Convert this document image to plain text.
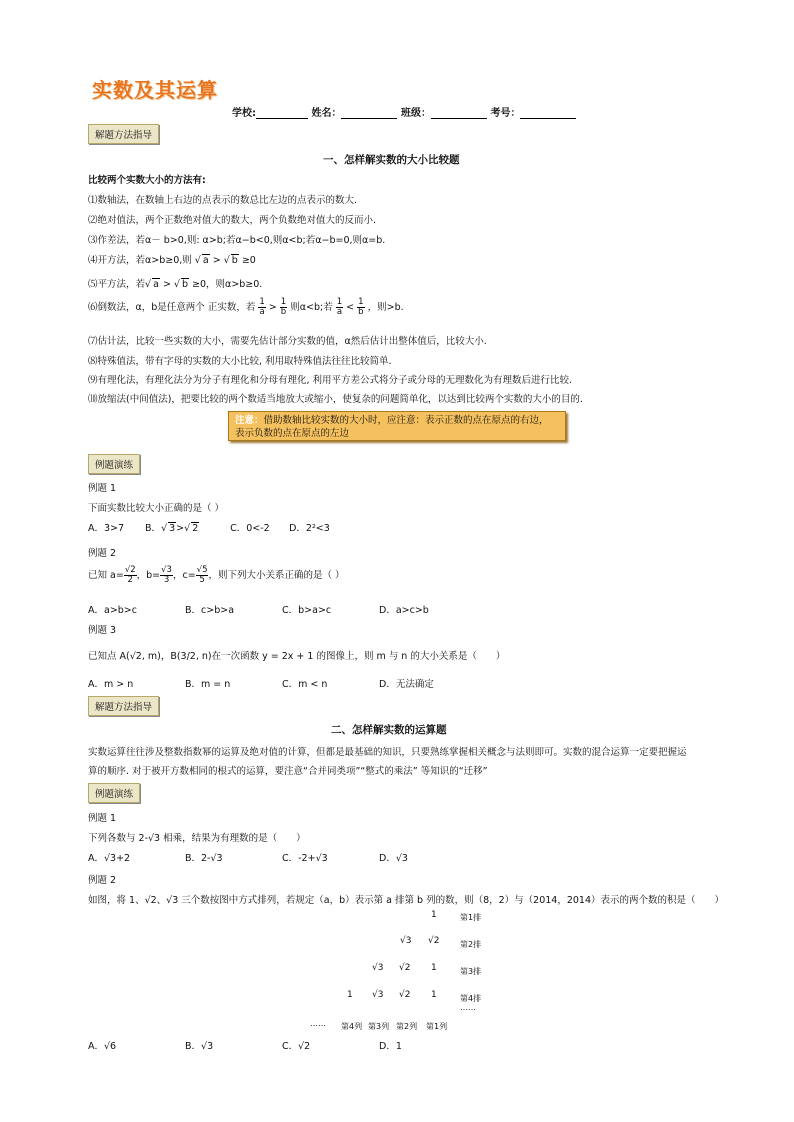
实数及其运算
学校:	姓名：	班级：	考号：
解题方法指导
一、怎样解实数的大小比较题
比较两个实数大小的方法有:
⑴数轴法，在数轴上右边的点表示的数总比左边的点表示的数大.
⑵绝对值法，两个正数绝对值大的数大，两个负数绝对值大的反而小.
⑶作差法，若α－ b>0,则: α>b;若α−b<0,则α<b;若α−b=0,则α=b.
⑷开方法，若α>b≥0,则 √ a > √ b ≥0
⑸平方法，若√ a > √ b ≥0，则α>b≥0.
⑹倒数法，α，b是任意两个 正实数，若 $\frac{1}{a} > \frac{1}{b}$ 则α<b;若 $\frac{1}{a} < \frac{1}{b}$ ，则>b.
⑺估计法，比较一些实数的大小，需要先估计部分实数的值，α然后估计出整体值后，比较大小.
⑻特殊值法，带有字母的实数的大小比较, 利用取特殊值法往往比较简单.
⑼有理化法，有理化法分为分子有理化和分母有理化, 利用平方差公式将分子或分母的无理数化为有理数后进行比较.
⑽放缩法(中间值法)，把要比较的两个数适当地放大或缩小，使复杂的问题简单化，以达到比较两个实数的大小的目的.
注意：借助数轴比较实数的大小时，应注意：表示正数的点在原点的右边，
表示负数的点在原点的左边
例题演练
例题 1
下面实数比较大小正确的是（ ）
A．3>7 B．√ 3>√ 2	C．0<-2 D．2²<3
例题 2
已知 $a= \frac{√2}{2}$ ，$b= \frac{√3}{3}$ ，$c= \frac{√5}{5}$ ，则下列大小关系正确的是（ ）
A．a>b>c	B．c>b>a	C．b>a>c	D．a>c>b
例题 3
已知点 A(√2, m)，B(3/2, n)在一次函数 y = 2x + 1 的图像上，则 m 与 n 的大小关系是（　　）
A．m > n	B．m = n	C．m < n	D．无法确定
解题方法指导
二、怎样解实数的运算题
实数运算往往涉及整数指数幂的运算及绝对值的计算，但都是最基础的知识，只要熟练掌握相关概念与法则即可。实数的混合运算一定要把握运
算的顺序. 对于被开方数相同的根式的运算，要注意“合并同类项”“整式的乘法” 等知识的“迁移”
例题演练
例题 1
下列各数与 2-√3 相乘，结果为有理数的是（　　）
A．√3+2	B．2-√3	C．-2+√3	D．√3
例题 2
如图，将 1、√2、√3 三个数按图中方式排列，若规定（a，b）表示第 a 排第 b 列的数，则（8，2）与（2014，2014）表示的两个数的积是（　　）
1	第1排
√3 √2	第2排
√3 √2 1	第3排
1 √3 √2 1	第4排
……
…… 第4列 第3列 第2列 第1列
A．√6	B．√3	C．√2	D．1
